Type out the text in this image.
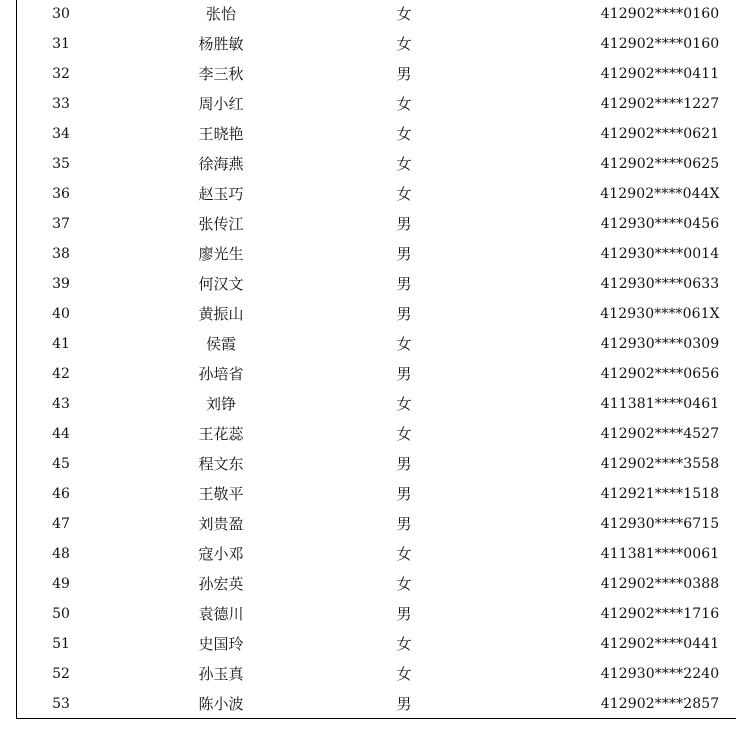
30	张怡	女	412902****0160
31	杨胜敏	女	412902****0160
32	李三秋	男	412902****0411
33	周小红	女	412902****1227
34	王晓艳	女	412902****0621
35	徐海燕	女	412902****0625
36	赵玉巧	女	412902****044X
37	张传江	男	412930****0456
38	廖光生	男	412930****0014
39	何汉文	男	412930****0633
40	黄振山	男	412930****061X
41	侯霞	女	412930****0309
42	孙培省	男	412902****0656
43	刘铮	女	411381****0461
44	王花蕊	女	412902****4527
45	程文东	男	412902****3558
46	王敬平	男	412921****1518
47	刘贵盈	男	412930****6715
48	寇小邓	女	411381****0061
49	孙宏英	女	412902****0388
50	袁德川	男	412902****1716
51	史国玲	女	412902****0441
52	孙玉真	女	412930****2240
53	陈小波	男	412902****2857
